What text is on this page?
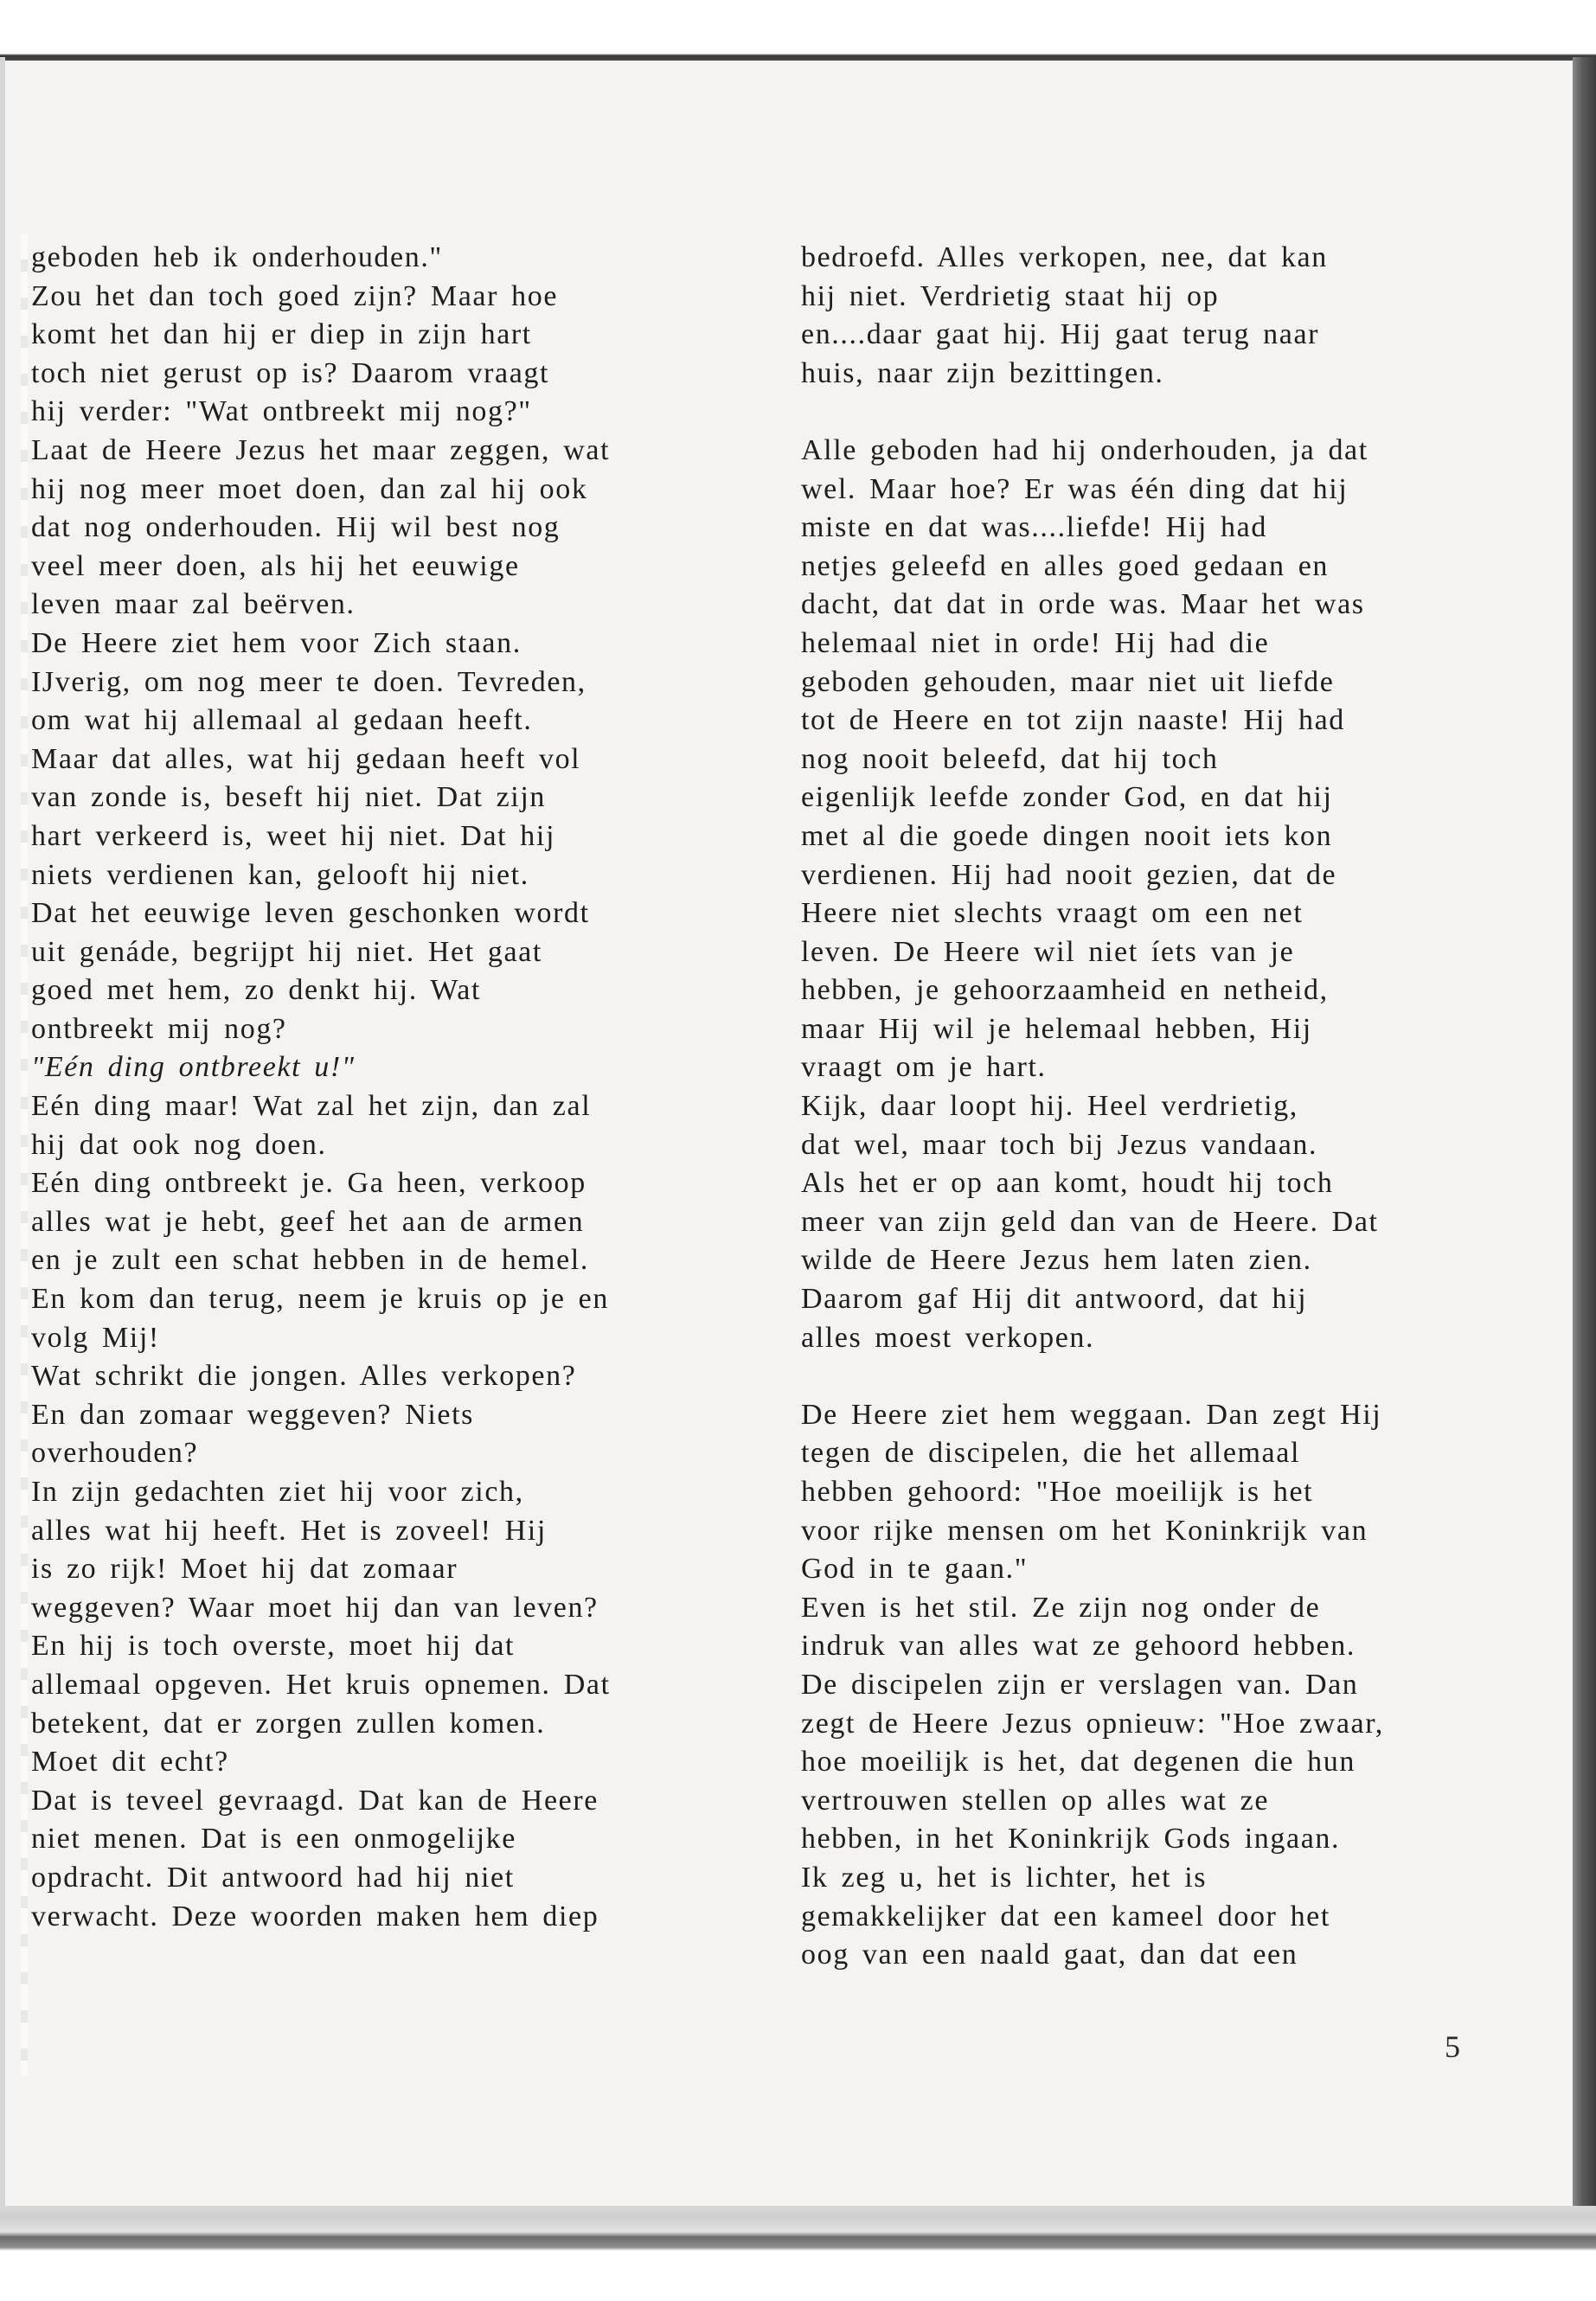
geboden heb ik onderhouden."
Zou het dan toch goed zijn? Maar hoe
komt het dan hij er diep in zijn hart
toch niet gerust op is? Daarom vraagt
hij verder: "Wat ontbreekt mij nog?"
Laat de Heere Jezus het maar zeggen, wat
hij nog meer moet doen, dan zal hij ook
dat nog onderhouden. Hij wil best nog
veel meer doen, als hij het eeuwige
leven maar zal beërven.
De Heere ziet hem voor Zich staan.
IJverig, om nog meer te doen. Tevreden,
om wat hij allemaal al gedaan heeft.
Maar dat alles, wat hij gedaan heeft vol
van zonde is, beseft hij niet. Dat zijn
hart verkeerd is, weet hij niet. Dat hij
niets verdienen kan, gelooft hij niet.
Dat het eeuwige leven geschonken wordt
uit genáde, begrijpt hij niet. Het gaat
goed met hem, zo denkt hij. Wat
ontbreekt mij nog?
"Eén ding ontbreekt u!"
Eén ding maar! Wat zal het zijn, dan zal
hij dat ook nog doen.
Eén ding ontbreekt je. Ga heen, verkoop
alles wat je hebt, geef het aan de armen
en je zult een schat hebben in de hemel.
En kom dan terug, neem je kruis op je en
volg Mij!
Wat schrikt die jongen. Alles verkopen?
En dan zomaar weggeven? Niets
overhouden?
In zijn gedachten ziet hij voor zich,
alles wat hij heeft. Het is zoveel! Hij
is zo rijk! Moet hij dat zomaar
weggeven? Waar moet hij dan van leven?
En hij is toch overste, moet hij dat
allemaal opgeven. Het kruis opnemen. Dat
betekent, dat er zorgen zullen komen.
Moet dit echt?
Dat is teveel gevraagd. Dat kan de Heere
niet menen. Dat is een onmogelijke
opdracht. Dit antwoord had hij niet
verwacht. Deze woorden maken hem diep
bedroefd. Alles verkopen, nee, dat kan
hij niet. Verdrietig staat hij op
en....daar gaat hij. Hij gaat terug naar
huis, naar zijn bezittingen.
Alle geboden had hij onderhouden, ja dat
wel. Maar hoe? Er was één ding dat hij
miste en dat was....liefde! Hij had
netjes geleefd en alles goed gedaan en
dacht, dat dat in orde was. Maar het was
helemaal niet in orde! Hij had die
geboden gehouden, maar niet uit liefde
tot de Heere en tot zijn naaste! Hij had
nog nooit beleefd, dat hij toch
eigenlijk leefde zonder God, en dat hij
met al die goede dingen nooit iets kon
verdienen. Hij had nooit gezien, dat de
Heere niet slechts vraagt om een net
leven. De Heere wil niet íets van je
hebben, je gehoorzaamheid en netheid,
maar Hij wil je helemaal hebben, Hij
vraagt om je hart.
Kijk, daar loopt hij. Heel verdrietig,
dat wel, maar toch bij Jezus vandaan.
Als het er op aan komt, houdt hij toch
meer van zijn geld dan van de Heere. Dat
wilde de Heere Jezus hem laten zien.
Daarom gaf Hij dit antwoord, dat hij
alles moest verkopen.
De Heere ziet hem weggaan. Dan zegt Hij
tegen de discipelen, die het allemaal
hebben gehoord: "Hoe moeilijk is het
voor rijke mensen om het Koninkrijk van
God in te gaan."
Even is het stil. Ze zijn nog onder de
indruk van alles wat ze gehoord hebben.
De discipelen zijn er verslagen van. Dan
zegt de Heere Jezus opnieuw: "Hoe zwaar,
hoe moeilijk is het, dat degenen die hun
vertrouwen stellen op alles wat ze
hebben, in het Koninkrijk Gods ingaan.
Ik zeg u, het is lichter, het is
gemakkelijker dat een kameel door het
oog van een naald gaat, dan dat een
5
